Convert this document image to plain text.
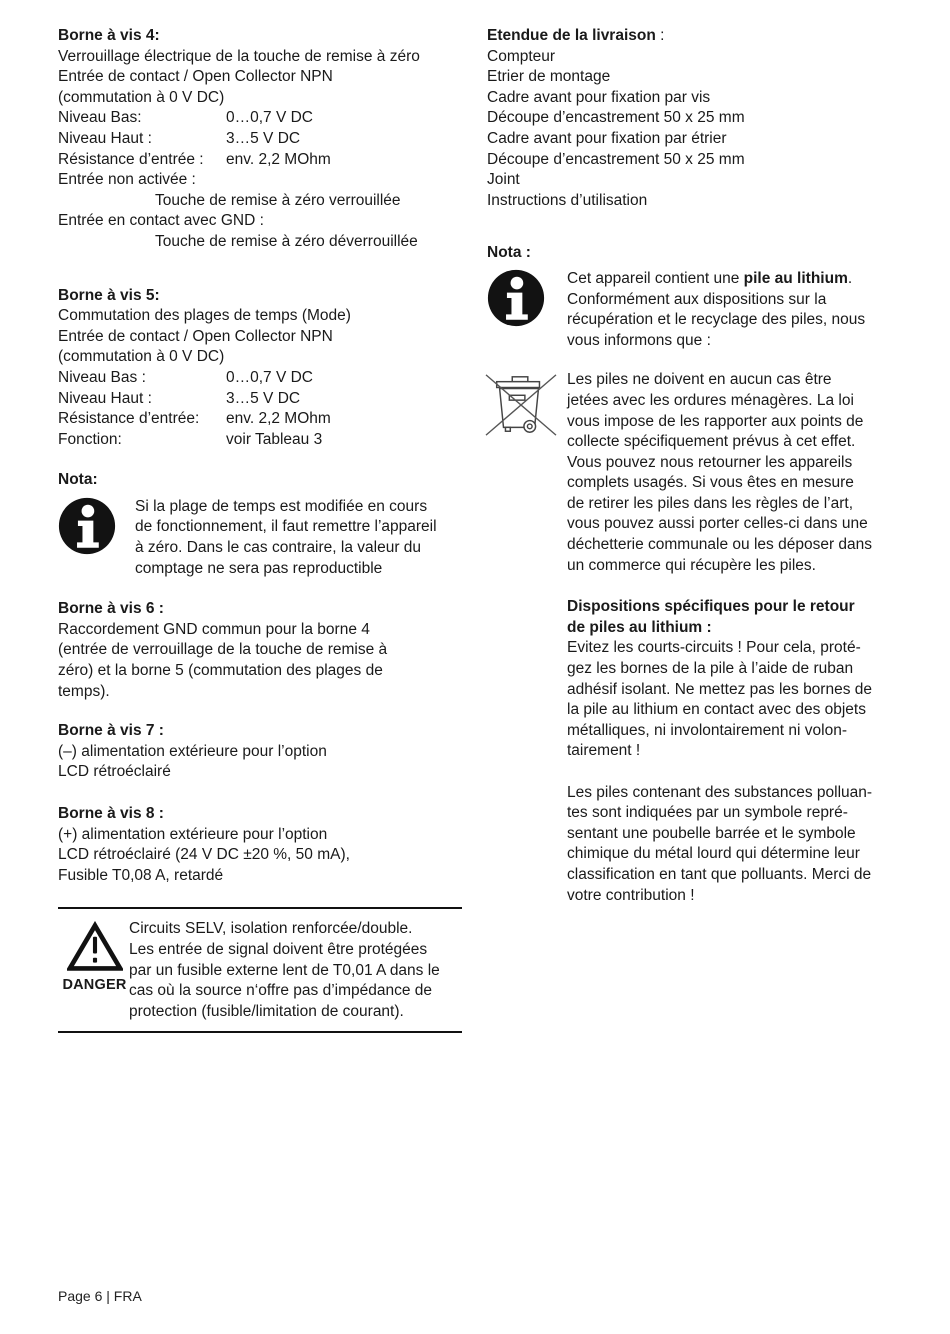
Borne à vis 4:
Verrouillage électrique de la touche de remise à zéro
Entrée de contact / Open Collector NPN
(commutation à 0 V DC)
Niveau Bas:	0…0,7 V DC
Niveau Haut :	3…5 V DC
Résistance d’entrée : env. 2,2 MOhm
Entrée non activée :
Touche de remise à zéro verrouillée
Entrée en contact avec GND :
Touche de remise à zéro déverrouillée
Borne à vis 5:
Commutation des plages de temps (Mode)
Entrée de contact / Open Collector NPN
(commutation à 0 V DC)
Niveau Bas :	0…0,7 V DC
Niveau Haut :	3…5 V DC
Résistance d’entrée: env. 2,2 MOhm
Fonction:	voir Tableau 3
Nota:
Si la plage de temps est modifiée en cours
de fonctionnement, il faut remettre l’appareil
à zéro. Dans le cas contraire, la valeur du
comptage ne sera pas reproductible
Borne à vis 6 :
Raccordement GND commun pour la borne 4
(entrée de verrouillage de la touche de remise à
zéro) et la borne 5 (commutation des plages de
temps).
Borne à vis 7 :
(–) alimentation extérieure pour l’option
LCD rétroéclairé
Borne à vis 8 :
(+) alimentation extérieure pour l’option
LCD rétroéclairé (24 V DC ±20 %, 50 mA),
Fusible T0,08 A, retardé
DANGER
Circuits SELV, isolation renforcée/double.
Les entrée de signal doivent être protégées
par un fusible externe lent de T0,01 A dans le
cas où la source n‘offre pas d’impédance de
protection (fusible/limitation de courant).
Etendue de la livraison :
Compteur
Etrier de montage
Cadre avant pour fixation par vis
Découpe d’encastrement 50 x 25 mm
Cadre avant pour fixation par étrier
Découpe d’encastrement 50 x 25 mm
Joint
Instructions d’utilisation
Nota :
Cet appareil contient une pile au lithium.
Conformément aux dispositions sur la
récupération et le recyclage des piles, nous
vous informons que :
Les piles ne doivent en aucun cas être
jetées avec les ordures ménagères. La loi
vous impose de les rapporter aux points de
collecte spécifiquement prévus à cet effet.
Vous pouvez nous retourner les appareils
complets usagés. Si vous êtes en mesure
de retirer les piles dans les règles de l’art,
vous pouvez aussi porter celles-ci dans une
déchetterie communale ou les déposer dans
un commerce qui récupère les piles.
Dispositions spécifiques pour le retour
de piles au lithium :
Evitez les courts-circuits ! Pour cela, proté-
gez les bornes de la pile à l’aide de ruban
adhésif isolant. Ne mettez pas les bornes de
la pile au lithium en contact avec des objets
métalliques, ni involontairement ni volon-
tairement !
Les piles contenant des substances polluan-
tes sont indiquées par un symbole repré-
sentant une poubelle barrée et le symbole
chimique du métal lourd qui détermine leur
classification en tant que polluants. Merci de
votre contribution !
Page 6 | FRA
